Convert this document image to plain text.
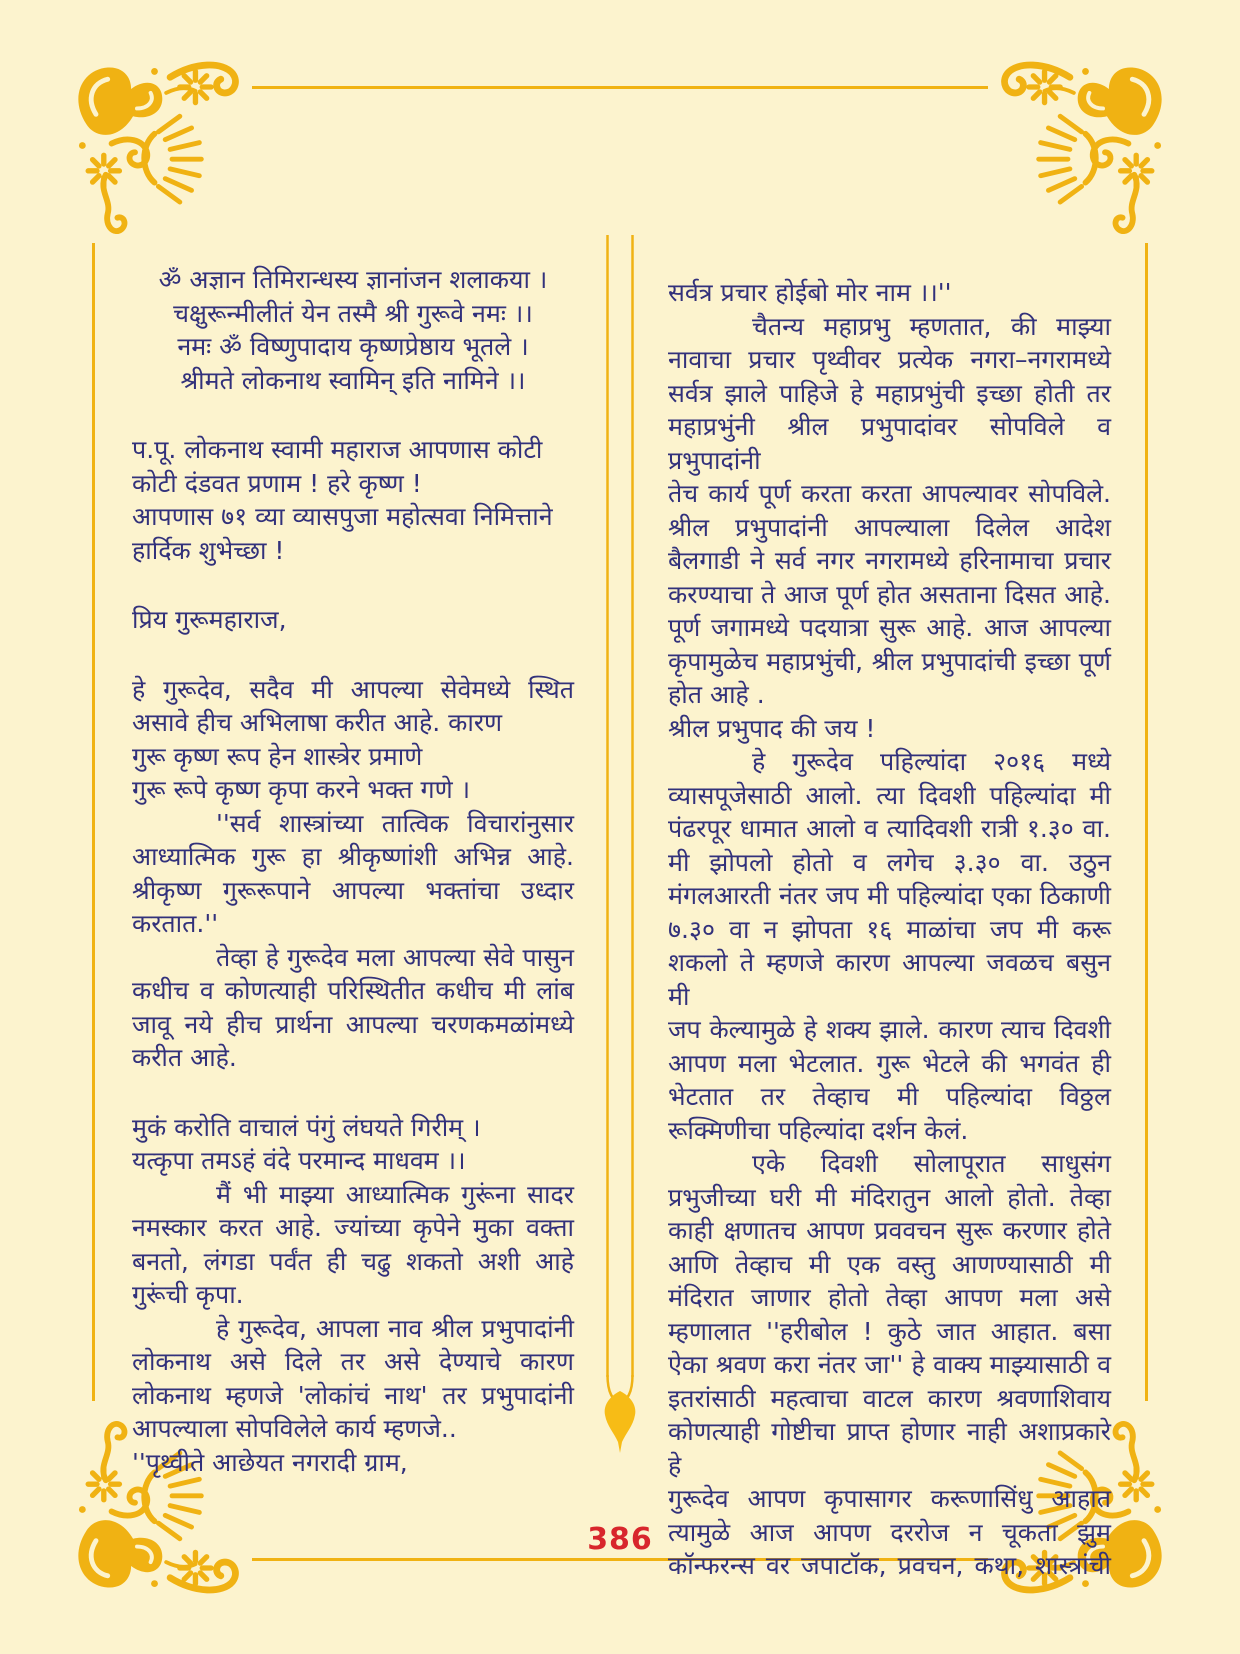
ॐ अज्ञान तिमिरान्धस्य ज्ञानांजन शलाकया ।
चक्षुरून्मीलीतं येन तस्मै श्री गुरूवे नमः ।।
नमः ॐ विष्णुपादाय कृष्णप्रेष्ठाय भूतले ।
श्रीमते लोकनाथ स्वामिन् इति नामिने ।।
प.पू. लोकनाथ स्वामी महाराज आपणास कोटी
कोटी दंडवत प्रणाम ! हरे कृष्ण !
आपणास ७१ व्या व्यासपुजा महोत्सवा निमित्ताने
हार्दिक शुभेच्छा !
प्रिय गुरूमहाराज,
हे गुरूदेव, सदैव मी आपल्या सेवेमध्ये स्थित
असावे हीच अभिलाषा करीत आहे. कारण
गुरू कृष्ण रूप हेन शास्त्रेर प्रमाणे
गुरू रूपे कृष्ण कृपा करने भक्त गणे ।
''सर्व शास्त्रांच्या तात्विक विचारांनुसार
आध्यात्मिक गुरू हा श्रीकृष्णांशी अभिन्न आहे.
श्रीकृष्ण गुरूरूपाने आपल्या भक्तांचा उध्दार
करतात.''
तेव्हा हे गुरूदेव मला आपल्या सेवे पासुन
कधीच व कोणत्याही परिस्थितीत कधीच मी लांब
जावू नये हीच प्रार्थना आपल्या चरणकमळांमध्ये
करीत आहे.
मुकं करोति वाचालं पंगुं लंघयते गिरीम् ।
यत्कृपा तमऽहं वंदे परमान्द माधवम ।।
मैं भी माझ्या आध्यात्मिक गुरूंना सादर
नमस्कार करत आहे. ज्यांच्या कृपेने मुका वक्ता
बनतो, लंगडा पर्वंत ही चढु शकतो अशी आहे
गुरूंची कृपा.
हे गुरूदेव, आपला नाव श्रील प्रभुपादांनी
लोकनाथ असे दिले तर असे देण्याचे कारण
लोकनाथ म्हणजे 'लोकांचं नाथ' तर प्रभुपादांनी
आपल्याला सोपविलेले कार्य म्हणजे..
''पृथ्वीते आछेयत नगरादी ग्राम,
सर्वत्र प्रचार होईबो मोर नाम ।।''
चैतन्य महाप्रभु म्हणतात, की माझ्या
नावाचा प्रचार पृथ्वीवर प्रत्येक नगरा–नगरामध्ये
सर्वत्र झाले पाहिजे हे महाप्रभुंची इच्छा होती तर
महाप्रभुंनी श्रील प्रभुपादांवर सोपविले व प्रभुपादांनी
तेच कार्य पूर्ण करता करता आपल्यावर सोपविले.
श्रील प्रभुपादांनी आपल्याला दिलेल आदेश
बैलगाडी ने सर्व नगर नगरामध्ये हरिनामाचा प्रचार
करण्याचा ते आज पूर्ण होत असताना दिसत आहे.
पूर्ण जगामध्ये पदयात्रा सुरू आहे. आज आपल्या
कृपामुळेच महाप्रभुंची, श्रील प्रभुपादांची इच्छा पूर्ण
होत आहे .
श्रील प्रभुपाद की जय !
हे गुरूदेव पहिल्यांदा २०१६ मध्ये
व्यासपूजेसाठी आलो. त्या दिवशी पहिल्यांदा मी
पंढरपूर धामात आलो व त्यादिवशी रात्री १.३० वा.
मी झोपलो होतो व लगेच ३.३० वा. उठुन
मंगलआरती नंतर जप मी पहिल्यांदा एका ठिकाणी
७.३० वा न झोपता १६ माळांचा जप मी करू
शकलो ते म्हणजे कारण आपल्या जवळच बसुन मी
जप केल्यामुळे हे शक्य झाले. कारण त्याच दिवशी
आपण मला भेटलात. गुरू भेटले की भगवंत ही
भेटतात तर तेव्हाच मी पहिल्यांदा विठ्ठल
रूक्मिणीचा पहिल्यांदा दर्शन केलं.
एके दिवशी सोलापूरात साधुसंग
प्रभुजीच्या घरी मी मंदिरातुन आलो होतो. तेव्हा
काही क्षणातच आपण प्रववचन सुरू करणार होते
आणि तेव्हाच मी एक वस्तु आणण्यासाठी मी
मंदिरात जाणार होतो तेव्हा आपण मला असे
म्हणालात ''हरीबोल ! कुठे जात आहात. बसा
ऐका श्रवण करा नंतर जा'' हे वाक्य माझ्यासाठी व
इतरांसाठी महत्वाचा वाटल कारण श्रवणाशिवाय
कोणत्याही गोष्टीचा प्राप्त होणार नाही अशाप्रकारे हे
गुरूदेव आपण कृपासागर करूणासिंधु आहात
त्यामुळे आज आपण दररोज न चूकता झुम
कॉन्फरन्स वर जपाटॉक, प्रवचन, कथा, शास्त्रांची
386
